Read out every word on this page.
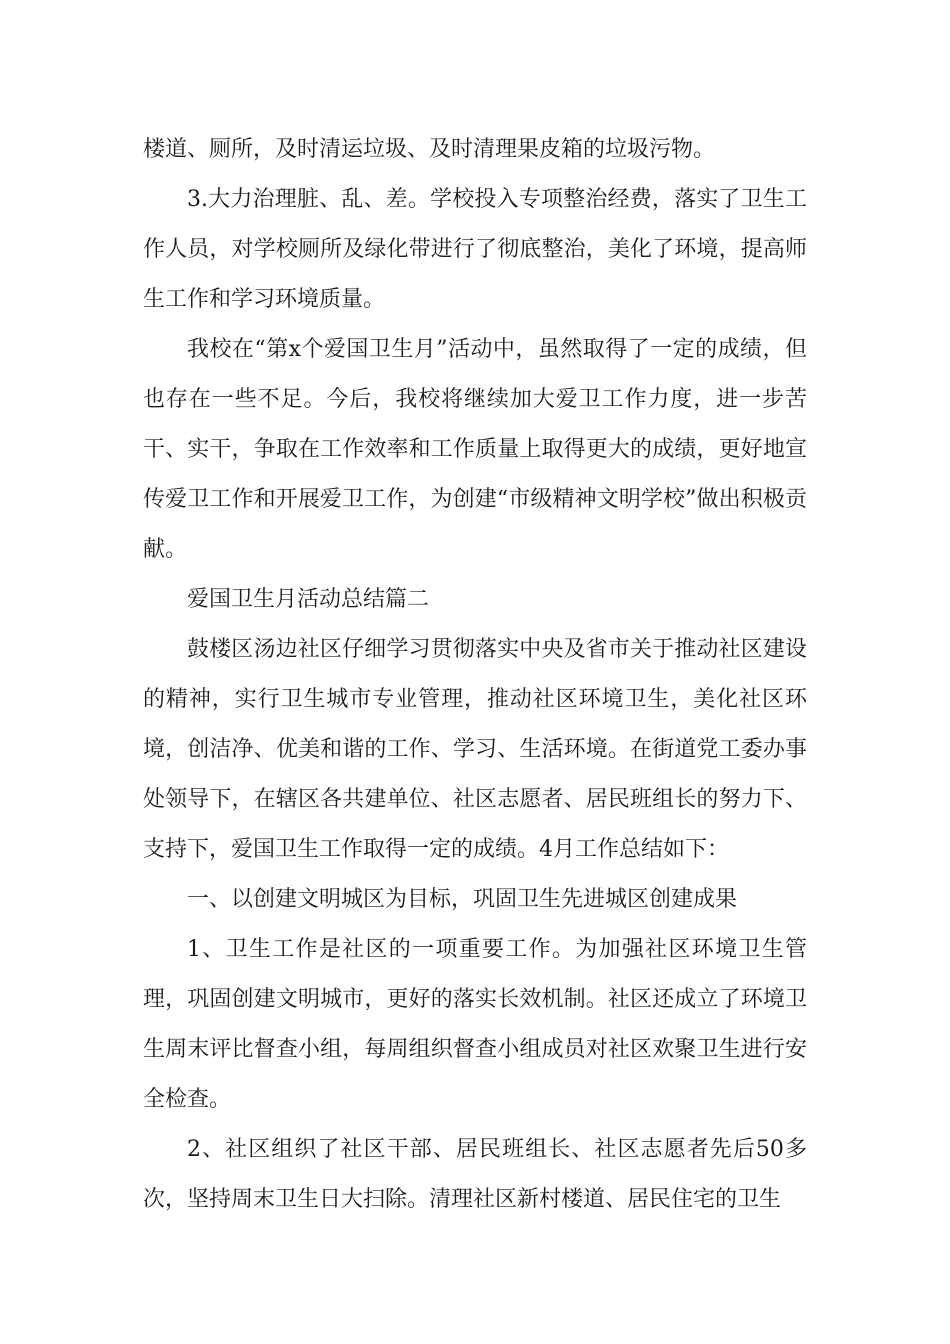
楼道、厕所，及时清运垃圾、及时清理果皮箱的垃圾污物。

3.大力治理脏、乱、差。学校投入专项整治经费，落实了卫生工作人员，对学校厕所及绿化带进行了彻底整治，美化了环境，提高师生工作和学习环境质量。

我校在“第x个爱国卫生月”活动中，虽然取得了一定的成绩，但也存在一些不足。今后，我校将继续加大爱卫工作力度，进一步苦干、实干，争取在工作效率和工作质量上取得更大的成绩，更好地宣传爱卫工作和开展爱卫工作，为创建“市级精神文明学校”做出积极贡献。

爱国卫生月活动总结篇二

鼓楼区汤边社区仔细学习贯彻落实中央及省市关于推动社区建设的精神，实行卫生城市专业管理，推动社区环境卫生，美化社区环境，创洁净、优美和谐的工作、学习、生活环境。在街道党工委办事处领导下，在辖区各共建单位、社区志愿者、居民班组长的努力下、支持下，爱国卫生工作取得一定的成绩。4月工作总结如下：

一、以创建文明城区为目标，巩固卫生先进城区创建成果

1、卫生工作是社区的一项重要工作。为加强社区环境卫生管理，巩固创建文明城市，更好的落实长效机制。社区还成立了环境卫生周末评比督查小组，每周组织督查小组成员对社区欢聚卫生进行安全检查。

2、社区组织了社区干部、居民班组长、社区志愿者先后50多次，坚持周末卫生日大扫除。清理社区新村楼道、居民住宅的卫生
